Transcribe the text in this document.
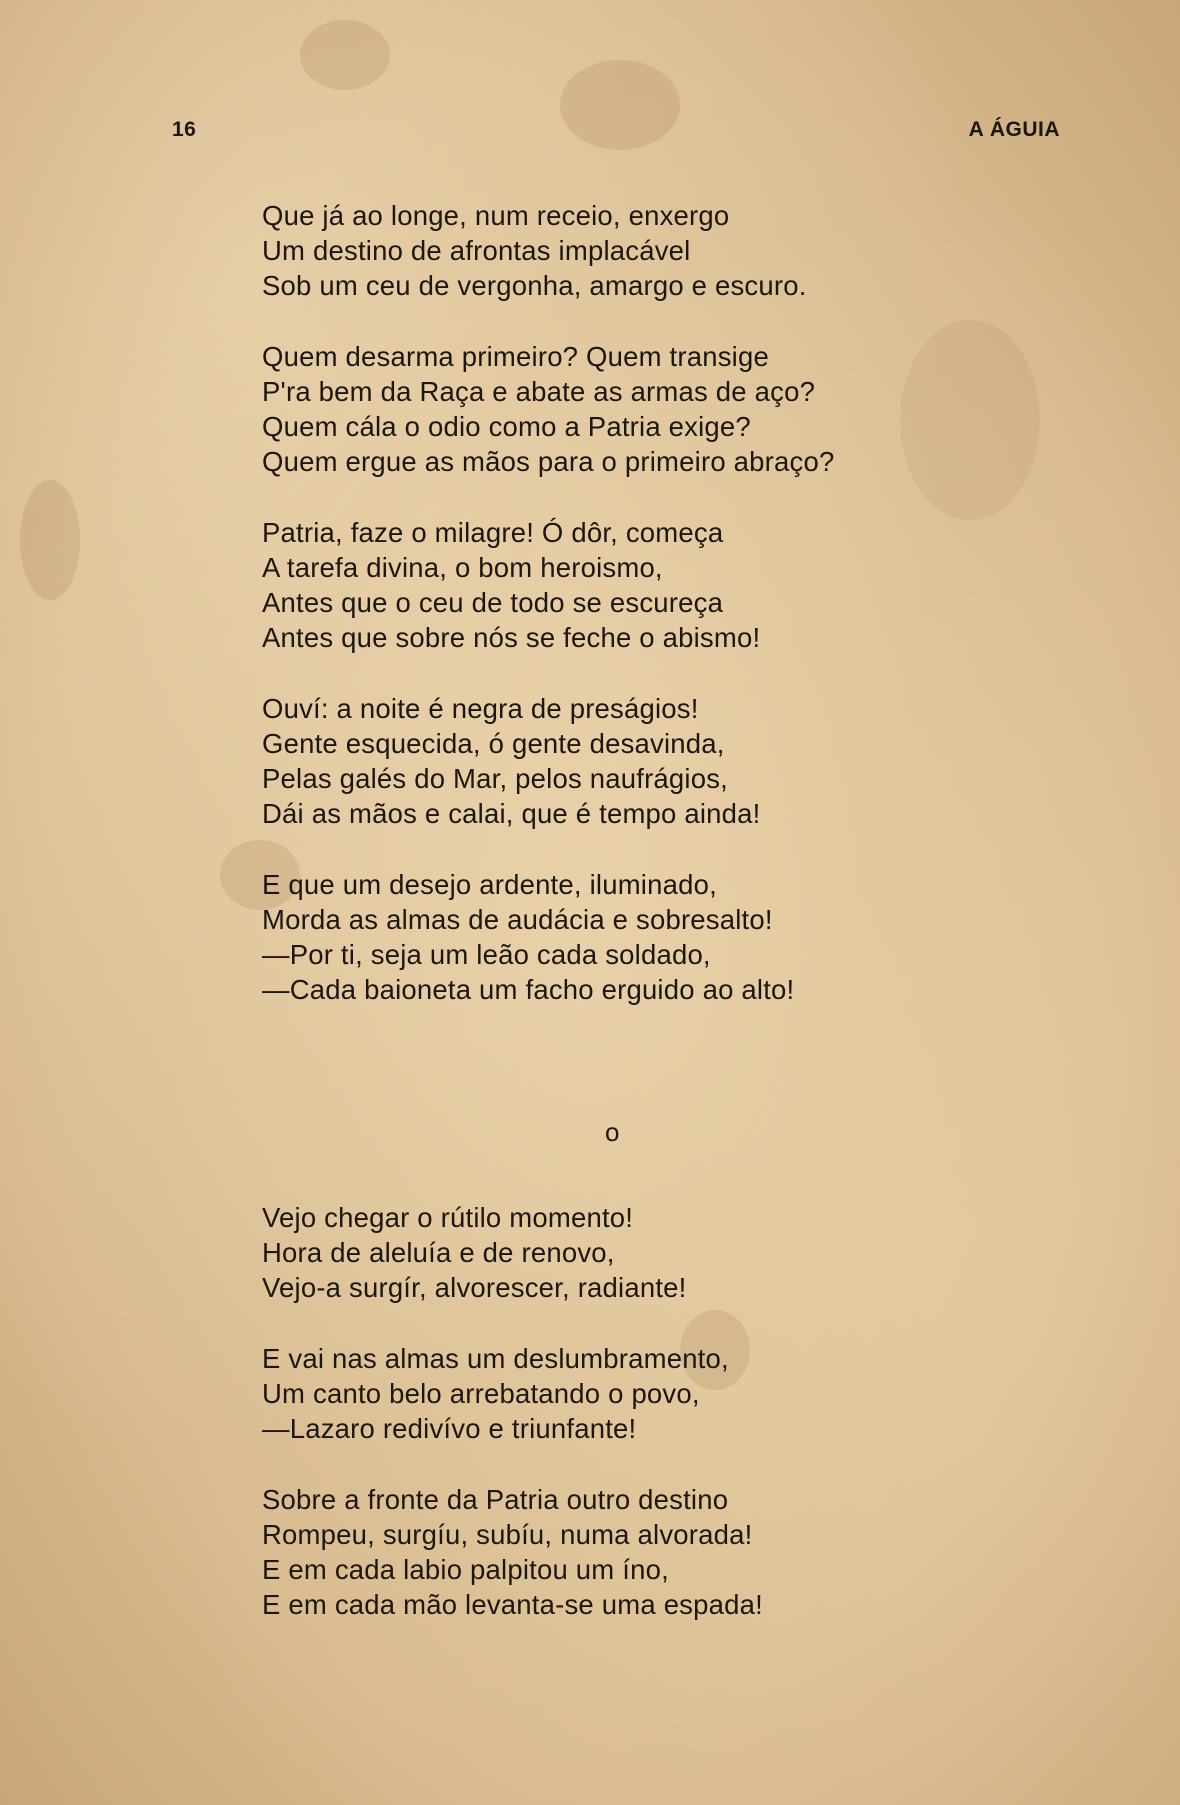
16	A ÁGUIA
Que já ao longe, num receio, enxergo
Um destino de afrontas implacável
Sob um ceu de vergonha, amargo e escuro.
Quem desarma primeiro? Quem transige
P'ra bem da Raça e abate as armas de aço?
Quem cála o odio como a Patria exige?
Quem ergue as mãos para o primeiro abraço?
Patria, faze o milagre! Ó dôr, começa
A tarefa divina, o bom heroismo,
Antes que o ceu de todo se escureça
Antes que sobre nós se feche o abismo!
Ouví: a noite é negra de preságios!
Gente esquecida, ó gente desavinda,
Pelas galés do Mar, pelos naufrágios,
Dái as mãos e calai, que é tempo ainda!
E que um desejo ardente, iluminado,
Morda as almas de audácia e sobresalto!
—Por ti, seja um leão cada soldado,
—Cada baioneta um facho erguido ao alto!
o
Vejo chegar o rútilo momento!
Hora de aleluía e de renovo,
Vejo-a surgír, alvorescer, radiante!
E vai nas almas um deslumbramento,
Um canto belo arrebatando o povo,
—Lazaro redivívo e triunfante!
Sobre a fronte da Patria outro destino
Rompeu, surgíu, subíu, numa alvorada!
E em cada labio palpitou um íno,
E em cada mão levanta-se uma espada!
